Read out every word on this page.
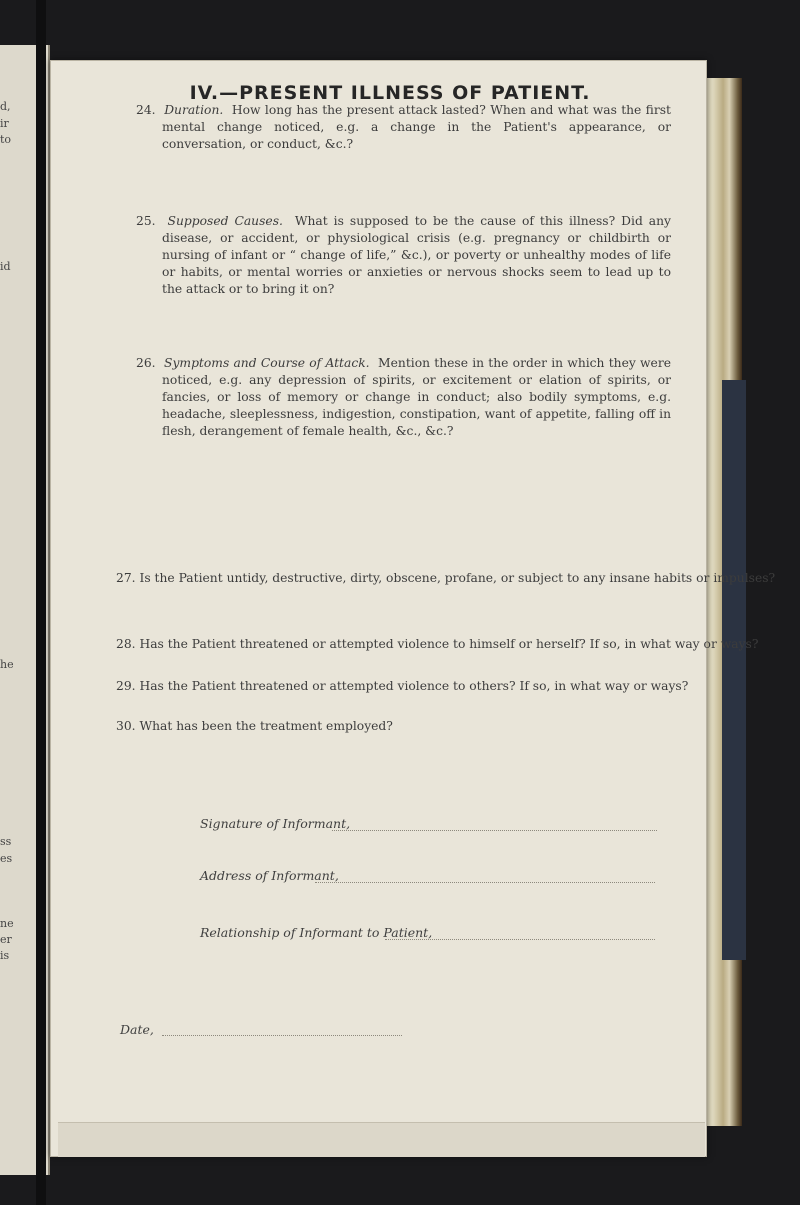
d,
ir
to
id
he
ss
es
ne
er
is
IV.—PRESENT ILLNESS OF PATIENT.
24. Duration. How long has the present attack lasted? When and what was the first mental change noticed, e.g. a change in the Patient's appearance, or conversation, or conduct, &c.?
25. Supposed Causes. What is supposed to be the cause of this illness? Did any disease, or accident, or physiological crisis (e.g. pregnancy or childbirth or nursing of infant or “ change of life,” &c.), or poverty or unhealthy modes of life or habits, or mental worries or anxieties or nervous shocks seem to lead up to the attack or to bring it on?
26. Symptoms and Course of Attack. Mention these in the order in which they were noticed, e.g. any depression of spirits, or excitement or elation of spirits, or fancies, or loss of memory or change in conduct; also bodily symptoms, e.g. headache, sleeplessness, indigestion, constipation, want of appetite, falling off in flesh, derangement of female health, &c., &c.?
27. Is the Patient untidy, destructive, dirty, obscene, profane, or subject to any insane habits or impulses?
28. Has the Patient threatened or attempted violence to himself or herself? If so, in what way or ways?
29. Has the Patient threatened or attempted violence to others? If so, in what way or ways?
30. What has been the treatment employed?
Signature of Informant,
Address of Informant,
Relationship of Informant to Patient,
Date,
